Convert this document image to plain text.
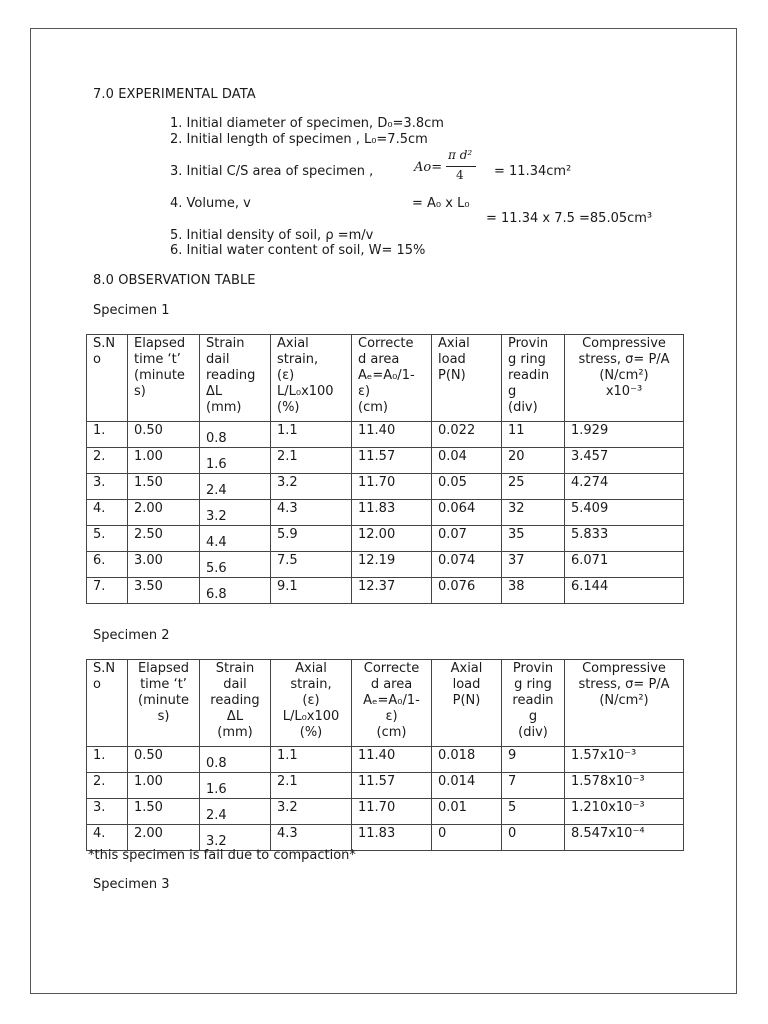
7.0 EXPERIMENTAL DATA
1. Initial diameter of specimen, D₀=3.8cm
2. Initial length of specimen , L₀=7.5cm
3. Initial C/S area of specimen ,	Ao=
π d²
4 = 11.34cm²
4. Volume, v	= A₀ x L₀
= 11.34 x 7.5 =85.05cm³
5. Initial density of soil, ρ =m/v
6. Initial water content of soil, W= 15%
8.0 OBSERVATION TABLE
Specimen 1
S.N
o	Elapsed
time ‘t’
(minute
s)	Strain
dail
reading
ΔL
(mm)	Axial
strain,
(ε)
L/L₀x100
(%)	Correcte
d area
Aₑ=A₀/1-
ε)
(cm)	Axial
load
P(N)	Provin
g ring
readin
g
(div)	Compressive
stress, σ= P/A
(N/cm²)
x10⁻³

1.	0.50	0.8	1.1	11.40	0.022	11	1.929
2.	1.00	1.6	2.1	11.57	0.04	20	3.457
3.	1.50	2.4	3.2	11.70	0.05	25	4.274
4.	2.00	3.2	4.3	11.83	0.064	32	5.409
5.	2.50	4.4	5.9	12.00	0.07	35	5.833
6.	3.00	5.6	7.5	12.19	0.074	37	6.071
7.	3.50	6.8	9.1	12.37	0.076	38	6.144
Specimen 2
S.N
o	Elapsed
time ‘t’
(minute
s)	Strain
dail
reading
ΔL
(mm)	Axial
strain,
(ε)
L/L₀x100
(%)	Correcte
d area
Aₑ=A₀/1-
ε)
(cm)	Axial
load
P(N)	Provin
g ring
readin
g
(div)	Compressive
stress, σ= P/A
(N/cm²)

1.	0.50	0.8	1.1	11.40	0.018	9	1.57x10⁻³
2.	1.00	1.6	2.1	11.57	0.014	7	1.578x10⁻³
3.	1.50	2.4	3.2	11.70	0.01	5	1.210x10⁻³
4.	2.00	3.2	4.3	11.83	0	0	8.547x10⁻⁴
*this specimen is fail due to compaction*
Specimen 3
